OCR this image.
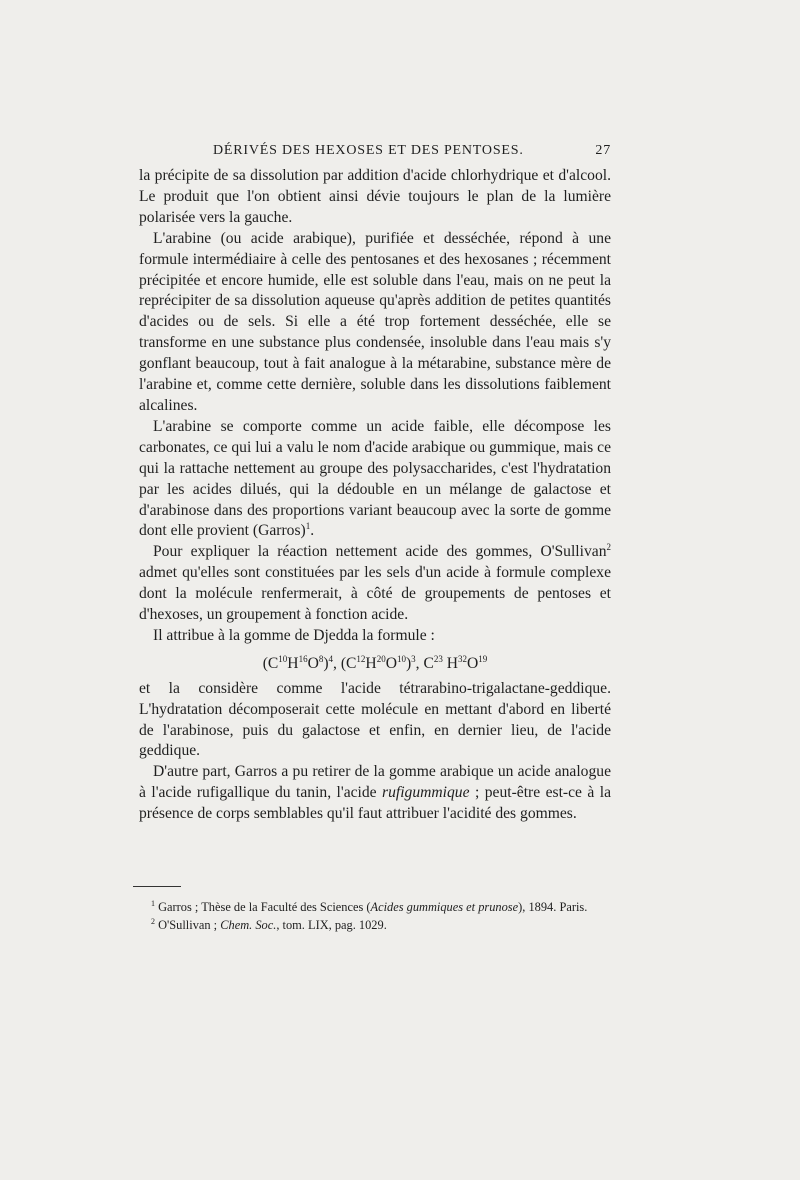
DÉRIVÉS DES HEXOSES ET DES PENTOSES.	27

la précipite de sa dissolution par addition d'acide chlorhydrique et d'alcool. Le produit que l'on obtient ainsi dévie toujours le plan de la lumière polarisée vers la gauche.

L'arabine (ou acide arabique), purifiée et desséchée, répond à une formule intermédiaire à celle des pentosanes et des hexosanes ; récemment précipitée et encore humide, elle est soluble dans l'eau, mais on ne peut la reprécipiter de sa dissolution aqueuse qu'après addition de petites quantités d'acides ou de sels. Si elle a été trop fortement desséchée, elle se transforme en une substance plus condensée, insoluble dans l'eau mais s'y gonflant beaucoup, tout à fait analogue à la métarabine, substance mère de l'arabine et, comme cette dernière, soluble dans les dissolutions faiblement alcalines.

L'arabine se comporte comme un acide faible, elle décompose les carbonates, ce qui lui a valu le nom d'acide arabique ou gummique, mais ce qui la rattache nettement au groupe des polysaccharides, c'est l'hydratation par les acides dilués, qui la dédouble en un mélange de galactose et d'arabinose dans des proportions variant beaucoup avec la sorte de gomme dont elle provient (Garros)$^1$.

Pour expliquer la réaction nettement acide des gommes, O'Sullivan$^2$ admet qu'elles sont constituées par les sels d'un acide à formule complexe dont la molécule renfermerait, à côté de groupements de pentoses et d'hexoses, un groupement à fonction acide.

Il attribue à la gomme de Djedda la formule :

$(C^{10}H^{16}O^8)^4$, $(C^{12}H^{20}O^{10})^3$, $C^{23}$ $H^{32}O^{19}$

et la considère comme l'acide tétrarabino-trigalactane-geddique. L'hydratation décomposerait cette molécule en mettant d'abord en liberté de l'arabinose, puis du galactose et enfin, en dernier lieu, de l'acide geddique.

D'autre part, Garros a pu retirer de la gomme arabique un acide analogue à l'acide rufigallique du tanin, l'acide rufigummique ; peut-être est-ce à la présence de corps semblables qu'il faut attribuer l'acidité des gommes.

$^1$ Garros ; Thèse de la Faculté des Sciences (Acides gummiques et prunose), 1894. Paris.

$^2$ O'Sullivan ; Chem. Soc., tom. LIX, pag. 1029.
